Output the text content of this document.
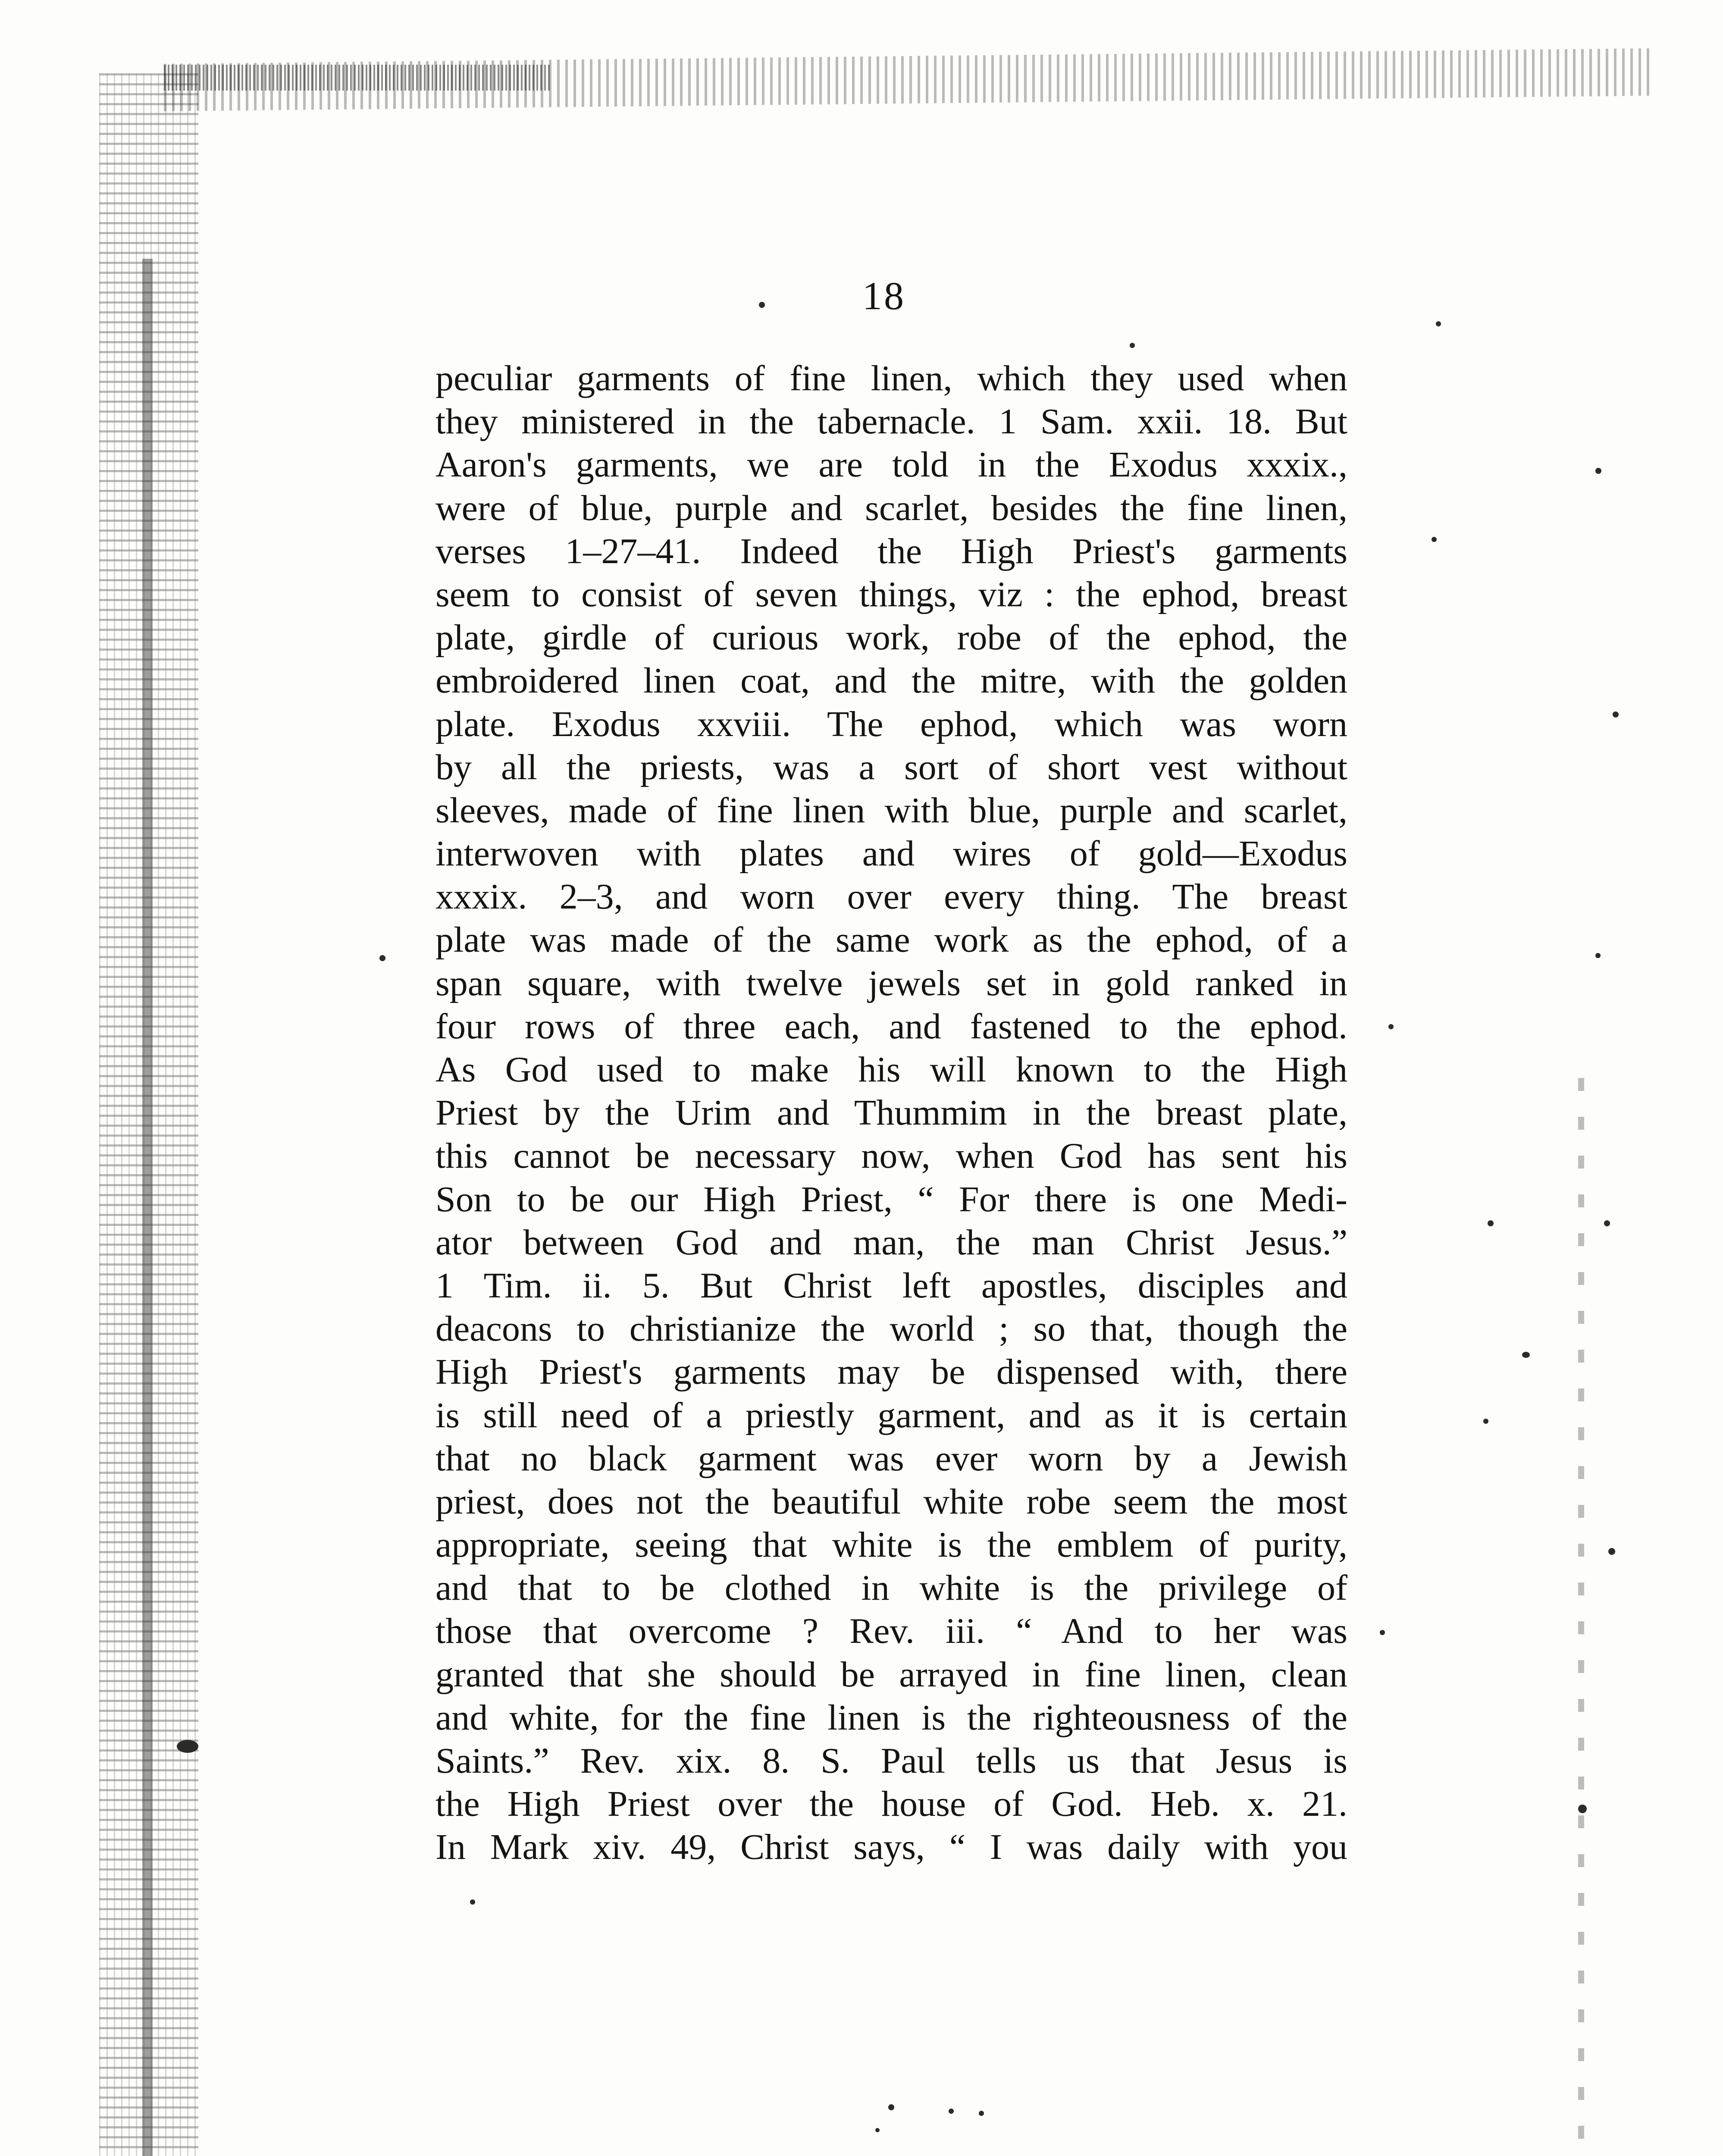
18
peculiar garments of fine linen, which they used when
they ministered in the tabernacle. 1 Sam. xxii. 18. But
Aaron's garments, we are told in the Exodus xxxix.,
were of blue, purple and scarlet, besides the fine linen,
verses 1–27–41. Indeed the High Priest's garments
seem to consist of seven things, viz : the ephod, breast
plate, girdle of curious work, robe of the ephod, the
embroidered linen coat, and the mitre, with the golden
plate. Exodus xxviii. The ephod, which was worn
by all the priests, was a sort of short vest without
sleeves, made of fine linen with blue, purple and scarlet,
interwoven with plates and wires of gold—Exodus
xxxix. 2–3, and worn over every thing. The breast
plate was made of the same work as the ephod, of a
span square, with twelve jewels set in gold ranked in
four rows of three each, and fastened to the ephod.
As God used to make his will known to the High
Priest by the Urim and Thummim in the breast plate,
this cannot be necessary now, when God has sent his
Son to be our High Priest, “ For there is one Medi-
ator between God and man, the man Christ Jesus.”
1 Tim. ii. 5. But Christ left apostles, disciples and
deacons to christianize the world ; so that, though the
High Priest's garments may be dispensed with, there
is still need of a priestly garment, and as it is certain
that no black garment was ever worn by a Jewish
priest, does not the beautiful white robe seem the most
appropriate, seeing that white is the emblem of purity,
and that to be clothed in white is the privilege of
those that overcome ? Rev. iii. “ And to her was
granted that she should be arrayed in fine linen, clean
and white, for the fine linen is the righteousness of the
Saints.” Rev. xix. 8. S. Paul tells us that Jesus is
the High Priest over the house of God. Heb. x. 21.
In Mark xiv. 49, Christ says, “ I was daily with you
